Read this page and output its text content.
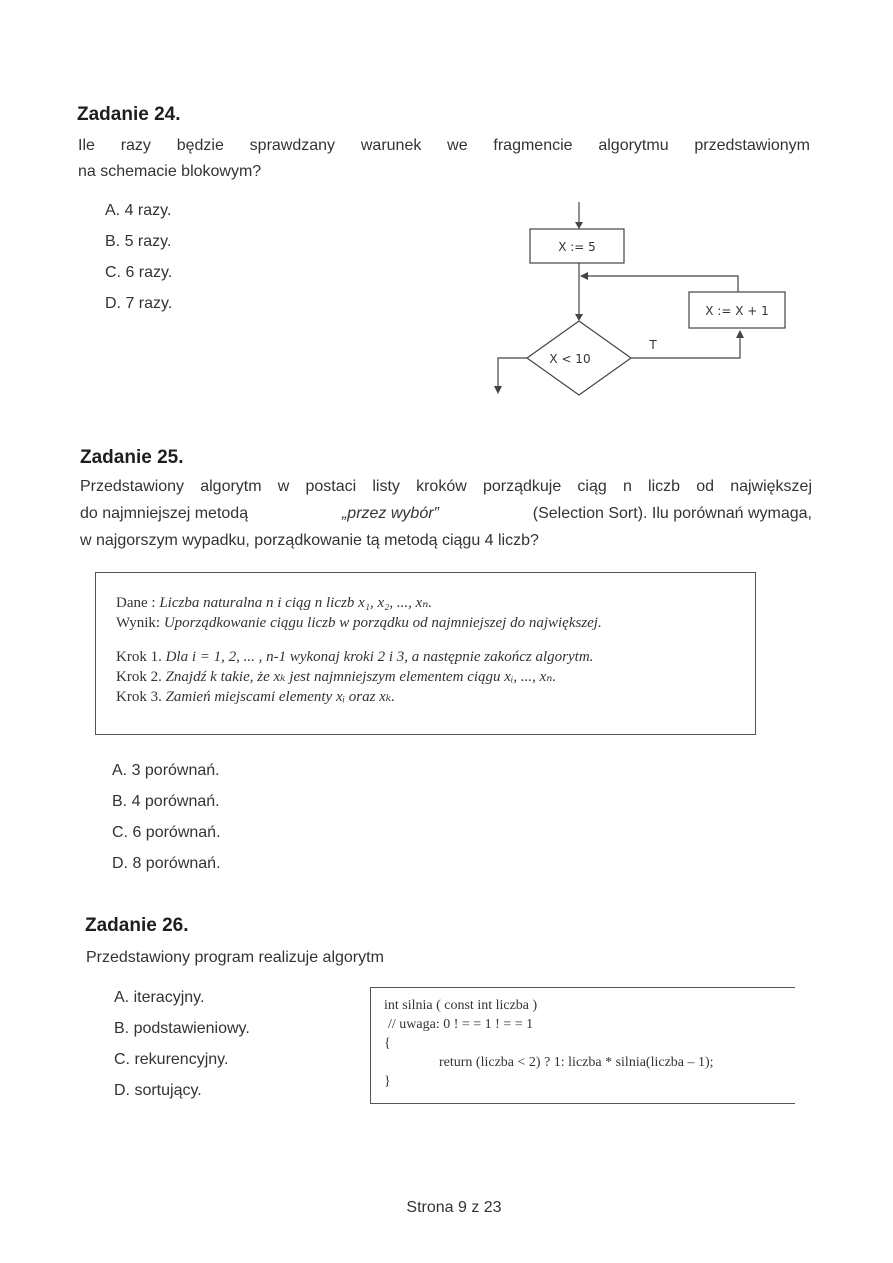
Zadanie 24.
Ile razy będzie sprawdzany warunek we fragmencie algorytmu przedstawionym
na schemacie blokowym?
A. 4 razy.
B. 5 razy.
C. 6 razy.
D. 7 razy.
X := 5
X := X + 1
X < 10
T
Zadanie 25.
Przedstawiony algorytm w postaci listy kroków porządkuje ciąg n liczb od największej
do najmniejszej metodą	„przez wybór”	(Selection Sort). Ilu porównań wymaga,
w najgorszym wypadku, porządkowanie tą metodą ciągu 4 liczb?
Dane : Liczba naturalna n i ciąg n liczb x₁, x₂, ..., xₙ.
Wynik: Uporządkowanie ciągu liczb w porządku od najmniejszej do największej.
Krok 1. Dla i = 1, 2, ... , n-1 wykonaj kroki 2 i 3, a następnie zakończ algorytm.
Krok 2. Znajdź k takie, że xₖ jest najmniejszym elementem ciągu xᵢ, ..., xₙ.
Krok 3. Zamień miejscami elementy xᵢ oraz xₖ.
A. 3 porównań.
B. 4 porównań.
C. 6 porównań.
D. 8 porównań.
Zadanie 26.
Przedstawiony program realizuje algorytm
A. iteracyjny.
B. podstawieniowy.
C. rekurencyjny.
D. sortujący.
int silnia ( const int liczba )
// uwaga: 0 ! = = 1 ! = = 1
{
return (liczba < 2) ? 1: liczba * silnia(liczba – 1);
}
Strona 9 z 23
